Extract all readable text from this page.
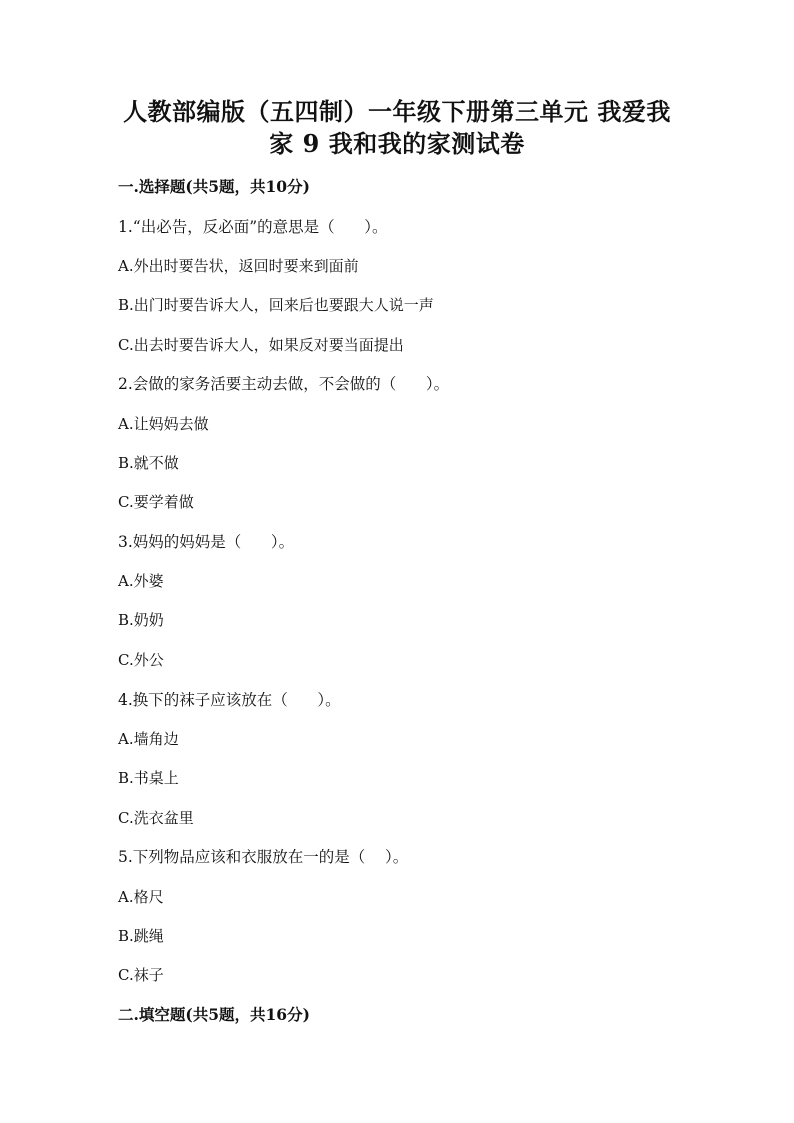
人教部编版（五四制）一年级下册第三单元 我爱我
家 9 我和我的家测试卷
一.选择题(共5题，共10分)
1.“出必告，反必面”的意思是（      ）。
A.外出时要告状，返回时要来到面前
B.出门时要告诉大人，回来后也要跟大人说一声
C.出去时要告诉大人，如果反对要当面提出
2.会做的家务活要主动去做，不会做的（      ）。
A.让妈妈去做
B.就不做
C.要学着做
3.妈妈的妈妈是（      ）。
A.外婆
B.奶奶
C.外公
4.换下的袜子应该放在（      ）。
A.墙角边
B.书桌上
C.洗衣盆里
5.下列物品应该和衣服放在一的是（    ）。
A.格尺
B.跳绳
C.袜子
二.填空题(共5题，共16分)
